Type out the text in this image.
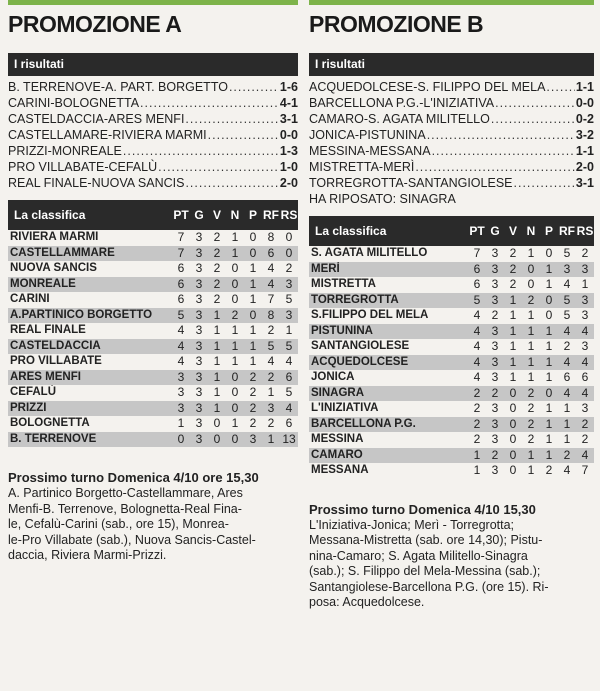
PROMOZIONE A
I risultati
B. TERRENOVE-A. PART. BORGETTO .....	1-6
CARINI-BOLOGNETTA .....	4-1
CASTELDACCIA-ARES MENFI .....	3-1
CASTELLAMARE-RIVIERA MARMI .....	0-0
PRIZZI-MONREALE .....	1-3
PRO VILLABATE-CEFALÙ .....	1-0
REAL FINALE-NUOVA SANCIS .....	2-0
La classifica	PT G V N P RF RS
RIVIERA MARMI	7 3 2 1 0 8 0
CASTELLAMMARE	7 3 2 1 0 6 0
NUOVA SANCIS	6 3 2 0 1 4 2
MONREALE	6 3 2 0 1 4 3
CARINI	6 3 2 0 1 7 5
A.PARTINICO BORGETTO	5 3 1 2 0 8 3
REAL FINALE	4 3 1 1 1 2 1
CASTELDACCIA	4 3 1 1 1 5 5
PRO VILLABATE	4 3 1 1 1 4 4
ARES MENFI	3 3 1 0 2 2 6
CEFALÙ	3 3 1 0 2 1 5
PRIZZI	3 3 1 0 2 3 4
BOLOGNETTA	1 3 0 1 2 2 6
B. TERRENOVE	0 3 0 0 3 1 13
Prossimo turno Domenica 4/10 ore 15,30
A. Partinico Borgetto-Castellammare, Ares
Menfi-B. Terrenove, Bolognetta-Real Fina-
le, Cefalù-Carini (sab., ore 15), Monrea-
le-Pro Villabate (sab.), Nuova Sancis-Castel-
daccia, Riviera Marmi-Prizzi.
PROMOZIONE B
I risultati
ACQUEDOLCESE-S. FILIPPO DEL MELA ..... 1-1
BARCELLONA P.G.-L'INIZIATIVA .....	0-0
CAMARO-S. AGATA MILITELLO .....	0-2
JONICA-PISTUNINA .....	3-2
MESSINA-MESSANA .....	1-1
MISTRETTA-MERÌ .....	2-0
TORREGROTTA-SANTANGIOLESE .....	3-1
HA RIPOSATO: SINAGRA
La classifica	PT G V N P RF RS
S. AGATA MILITELLO	7 3 2 1 0 5 2
MERÌ	6 3 2 0 1 3 3
MISTRETTA	6 3 2 0 1 4 1
TORREGROTTA	5 3 1 2 0 5 3
S.FILIPPO DEL MELA	4 2 1 1 0 5 3
PISTUNINA	4 3 1 1 1 4 4
SANTANGIOLESE	4 3 1 1 1 2 3
ACQUEDOLCESE	4 3 1 1 1 4 4
JONICA	4 3 1 1 1 6 6
SINAGRA	2 2 0 2 0 4 4
L'INIZIATIVA	2 3 0 2 1 1 3
BARCELLONA P.G.	2 3 0 2 1 1 2
MESSINA	2 3 0 2 1 1 2
CAMARO	1 2 0 1 1 2 4
MESSANA	1 3 0 1 2 4 7
Prossimo turno Domenica 4/10 15,30
L'Iniziativa-Jonica; Merì - Torregrotta;
Messana-Mistretta (sab. ore 14,30); Pistu-
nina-Camaro; S. Agata Militello-Sinagra
(sab.); S. Filippo del Mela-Messina (sab.);
Santangiolese-Barcellona P.G. (ore 15). Ri-
posa: Acquedolcese.
